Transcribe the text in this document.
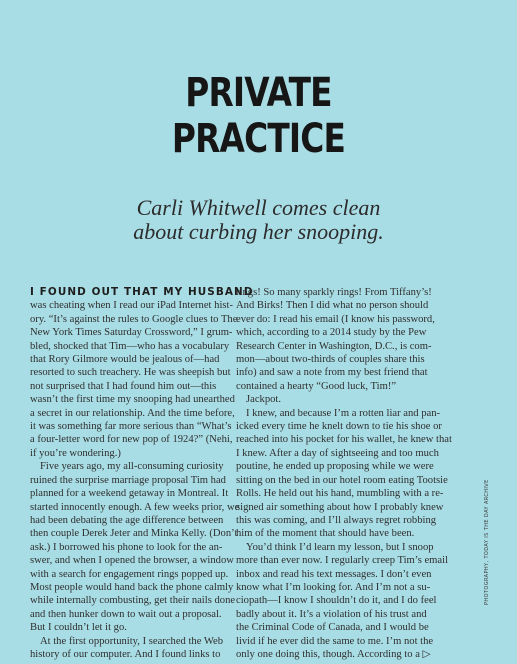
PRIVATE
PRACTICE
Carli Whitwell comes clean
about curbing her snooping.
I FOUND OUT THAT MY HUSBAND
was cheating when I read our iPad Internet hist-
ory. “It’s against the rules to Google clues to The
New York Times Saturday Crossword,” I grum-
bled, shocked that Tim—who has a vocabulary
that Rory Gilmore would be jealous of—had
resorted to such treachery. He was sheepish but
not surprised that I had found him out—this
wasn’t the first time my snooping had unearthed
a secret in our relationship. And the time before,
it was something far more serious than “What’s
a four-letter word for new pop of 1924?” (Nehi,
if you’re wondering.)
Five years ago, my all-consuming curiosity
ruined the surprise marriage proposal Tim had
planned for a weekend getaway in Montreal. It
started innocently enough. A few weeks prior, we
had been debating the age difference between
then couple Derek Jeter and Minka Kelly. (Don’t
ask.) I borrowed his phone to look for the an-
swer, and when I opened the browser, a window
with a search for engagement rings popped up.
Most people would hand back the phone calmly
while internally combusting, get their nails done
and then hunker down to wait out a proposal.
But I couldn’t let it go.
At the first opportunity, I searched the Web
history of our computer. And I found links to
rings! So many sparkly rings! From Tiffany’s!
And Birks! Then I did what no person should
ever do: I read his email (I know his password,
which, according to a 2014 study by the Pew
Research Center in Washington, D.C., is com-
mon—about two-thirds of couples share this
info) and saw a note from my best friend that
contained a hearty “Good luck, Tim!”
Jackpot.
I knew, and because I’m a rotten liar and pan-
icked every time he knelt down to tie his shoe or
reached into his pocket for his wallet, he knew that
I knew. After a day of sightseeing and too much
poutine, he ended up proposing while we were
sitting on the bed in our hotel room eating Tootsie
Rolls. He held out his hand, mumbling with a re-
signed air something about how I probably knew
this was coming, and I’ll always regret robbing
him of the moment that should have been.
You’d think I’d learn my lesson, but I snoop
more than ever now. I regularly creep Tim’s email
inbox and read his text messages. I don’t even
know what I’m looking for. And I’m not a su-
ciopath—I know I shouldn’t do it, and I do feel
badly about it. It’s a violation of his trust and
the Criminal Code of Canada, and I would be
livid if he ever did the same to me. I’m not the
only one doing this, though. According to a ▷
PHOTOGRAPHY, TODAY IS THE DAY ARCHIVE
